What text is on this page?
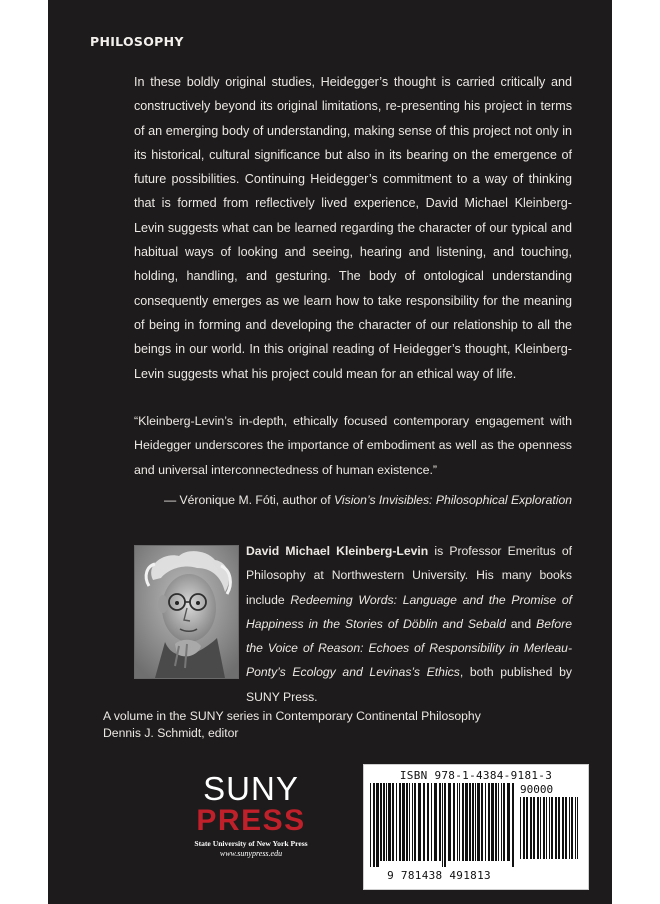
PHILOSOPHY

In these boldly original studies, Heidegger’s thought is carried critically and constructively beyond its original limitations, re-presenting his project in terms of an emerging body of understanding, making sense of this project not only in its historical, cultural significance but also in its bearing on the emergence of future possibilities. Continuing Heidegger’s commitment to a way of thinking that is formed from reflectively lived experience, David Michael Kleinberg-Levin suggests what can be learned regarding the character of our typical and habitual ways of looking and seeing, hearing and listening, and touching, holding, handling, and gesturing. The body of ontological understanding consequently emerges as we learn how to take responsibility for the meaning of being in forming and developing the character of our relationship to all the beings in our world. In this original reading of Heidegger’s thought, Kleinberg-Levin suggests what his project could mean for an ethical way of life.

“Kleinberg-Levin’s in-depth, ethically focused contemporary engagement with Heidegger underscores the importance of embodiment as well as the openness and universal interconnectedness of human existence.”

— Véronique M. Fóti, author of Vision’s Invisibles: Philosophical Exploration

David Michael Kleinberg-Levin is Professor Emeritus of Philosophy at Northwestern University. His many books include Redeeming Words: Language and the Promise of Happiness in the Stories of Döblin and Sebald and Before the Voice of Reason: Echoes of Responsibility in Merleau-Ponty’s Ecology and Levinas’s Ethics, both published by SUNY Press.

A volume in the SUNY series in Contemporary Continental Philosophy
Dennis J. Schmidt, editor
SUNY
PRESS
State University of New York Press
www.sunypress.edu
ISBN 978-1-4384-9181-3
90000
9 781438 491813
